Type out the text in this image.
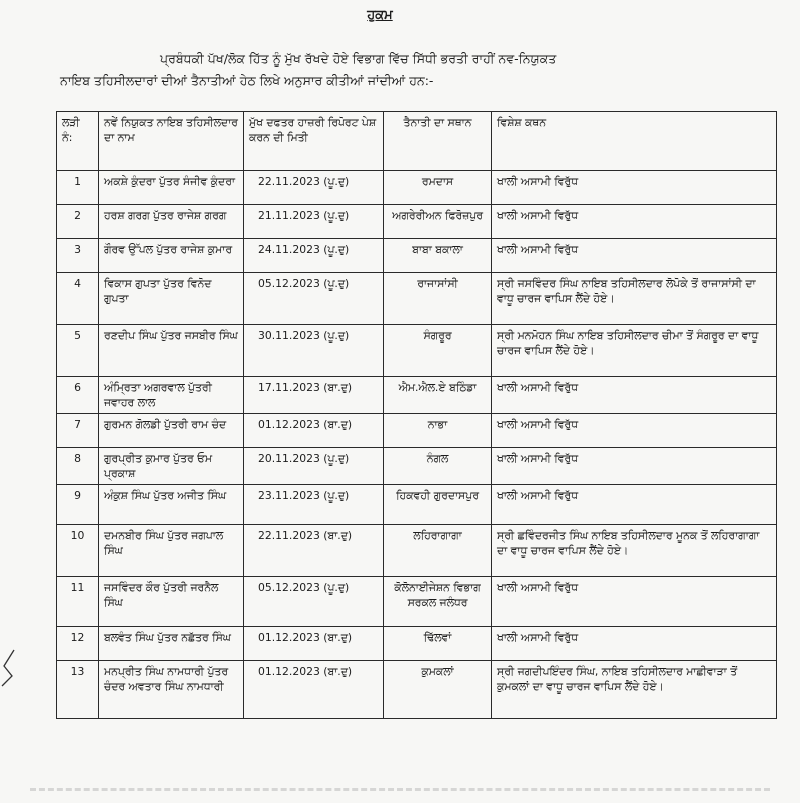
ਹੁਕਮ
ਪ੍ਰਬੰਧਕੀ ਪੱਖ/ਲੋਕ ਹਿੱਤ ਨੂੰ ਮੁੱਖ ਰੱਖਦੇ ਹੋਏ ਵਿਭਾਗ ਵਿੱਚ ਸਿੱਧੀ ਭਰਤੀ ਰਾਹੀਂ ਨਵ-ਨਿਯੁਕਤ
ਨਾਇਬ ਤਹਿਸੀਲਦਾਰਾਂ ਦੀਆਂ ਤੈਨਾਤੀਆਂ ਹੇਠ ਲਿਖੇ ਅਨੁਸਾਰ ਕੀਤੀਆਂ ਜਾਂਦੀਆਂ ਹਨ:-
ਲੜੀ ਨੰ:	ਨਵੇਂ ਨਿਯੁਕਤ ਨਾਇਬ ਤਹਿਸੀਲਦਾਰ ਦਾ ਨਾਮ	ਮੁੱਖ ਦਫਤਰ ਹਾਜ਼ਰੀ ਰਿਪੋਰਟ ਪੇਸ਼ ਕਰਨ ਦੀ ਮਿਤੀ	ਤੈਨਾਤੀ ਦਾ ਸਥਾਨ	ਵਿਸ਼ੇਸ਼ ਕਥਨ
1	ਅਕਸ਼ੇ ਕੁੰਦਰਾ ਪੁੱਤਰ ਸੰਜੀਵ ਕੁੰਦਰਾ	22.11.2023 (ਪੂ.ਦੁ)	ਰਮਦਾਸ	ਖਾਲੀ ਅਸਾਮੀ ਵਿਰੁੱਧ
2	ਹਰਸ਼ ਗਰਗ ਪੁੱਤਰ ਰਾਜੇਸ਼ ਗਰਗ	21.11.2023 (ਪੂ.ਦੁ)	ਅਗਰੇਰੀਅਨ ਫਿਰੋਜ਼ਪੁਰ	ਖਾਲੀ ਅਸਾਮੀ ਵਿਰੁੱਧ
3	ਗੌਰਵ ਉੱਪਲ ਪੁੱਤਰ ਰਾਜੇਸ਼ ਕੁਮਾਰ	24.11.2023 (ਪੂ.ਦੁ)	ਬਾਬਾ ਬਕਾਲਾ	ਖਾਲੀ ਅਸਾਮੀ ਵਿਰੁੱਧ
4	ਵਿਕਾਸ ਗੁਪਤਾ ਪੁੱਤਰ ਵਿਨੋਦ ਗੁਪਤਾ	05.12.2023 (ਪੂ.ਦੁ)	ਰਾਜਾਸਾਂਸੀ	ਸ੍ਰੀ ਜਸਵਿੰਦਰ ਸਿੰਘ ਨਾਇਬ ਤਹਿਸੀਲਦਾਰ ਲੋਪੋਕੇ ਤੋਂ ਰਾਜਾਸਾਂਸੀ ਦਾ ਵਾਧੂ ਚਾਰਜ ਵਾਪਿਸ ਲੈਂਦੇ ਹੋਏ।
5	ਰਣਦੀਪ ਸਿੰਘ ਪੁੱਤਰ ਜਸਬੀਰ ਸਿੰਘ	30.11.2023 (ਪੂ.ਦੁ)	ਸੰਗਰੂਰ	ਸ੍ਰੀ ਮਨਮੋਹਨ ਸਿੰਘ ਨਾਇਬ ਤਹਿਸੀਲਦਾਰ ਚੀਮਾ ਤੋਂ ਸੰਗਰੂਰ ਦਾ ਵਾਧੂ ਚਾਰਜ ਵਾਪਿਸ ਲੈਂਦੇ ਹੋਏ।
6	ਅੰਮ੍ਰਿਤਾ ਅਗਰਵਾਲ ਪੁੱਤਰੀ ਜਵਾਹਰ ਲਾਲ	17.11.2023 (ਬਾ.ਦੁ)	ਐਮ.ਐਲ.ਏ ਬਠਿੰਡਾ	ਖਾਲੀ ਅਸਾਮੀ ਵਿਰੁੱਧ
7	ਗੁਰਮਨ ਗੋਲਡੀ ਪੁੱਤਰੀ ਰਾਮ ਚੰਦ	01.12.2023 (ਬਾ.ਦੁ)	ਨਾਭਾ	ਖਾਲੀ ਅਸਾਮੀ ਵਿਰੁੱਧ
8	ਗੁਰਪ੍ਰੀਤ ਕੁਮਾਰ ਪੁੱਤਰ ਓਮ ਪ੍ਰਕਾਸ਼	20.11.2023 (ਪੂ.ਦੁ)	ਨੰਗਲ	ਖਾਲੀ ਅਸਾਮੀ ਵਿਰੁੱਧ
9	ਅੰਕੁਸ਼ ਸਿੰਘ ਪੁੱਤਰ ਅਜੀਤ ਸਿੰਘ	23.11.2023 (ਪੂ.ਦੁ)	ਹਿਕਵਹੀ ਗੁਰਦਾਸਪੁਰ	ਖਾਲੀ ਅਸਾਮੀ ਵਿਰੁੱਧ
10	ਦਮਨਬੀਰ ਸਿੰਘ ਪੁੱਤਰ ਜਗਪਾਲ ਸਿੰਘ	22.11.2023 (ਬਾ.ਦੁ)	ਲਹਿਰਾਗਾਗਾ	ਸ੍ਰੀ ਛਵਿੰਦਰਜੀਤ ਸਿੰਘ ਨਾਇਬ ਤਹਿਸੀਲਦਾਰ ਮੂਨਕ ਤੋਂ ਲਹਿਰਾਗਾਗਾ ਦਾ ਵਾਧੂ ਚਾਰਜ ਵਾਪਿਸ ਲੈਂਦੇ ਹੋਏ।
11	ਜਸਵਿੰਦਰ ਕੌਰ ਪੁੱਤਰੀ ਜਰਨੈਲ ਸਿੰਘ	05.12.2023 (ਪੂ.ਦੁ)	ਕੋਲੋਨਾਈਜੇਸ਼ਨ ਵਿਭਾਗ ਸਰਕਲ ਜਲੰਧਰ	ਖਾਲੀ ਅਸਾਮੀ ਵਿਰੁੱਧ
12	ਬਲਵੰਤ ਸਿੰਘ ਪੁੱਤਰ ਨਛੱਤਰ ਸਿੰਘ	01.12.2023 (ਬਾ.ਦੁ)	ਢਿੱਲਵਾਂ	ਖਾਲੀ ਅਸਾਮੀ ਵਿਰੁੱਧ
13	ਮਨਪ੍ਰੀਤ ਸਿੰਘ ਨਾਮਧਾਰੀ ਪੁੱਤਰ ਚੰਦਰ ਅਵਤਾਰ ਸਿੰਘ ਨਾਮਧਾਰੀ	01.12.2023 (ਬਾ.ਦੁ)	ਕੁਮਕਲਾਂ	ਸ੍ਰੀ ਜਗਦੀਪਇੰਦਰ ਸਿੰਘ, ਨਾਇਬ ਤਹਿਸੀਲਦਾਰ ਮਾਛੀਵਾੜਾ ਤੋਂ ਕੁਮਕਲਾਂ ਦਾ ਵਾਧੂ ਚਾਰਜ ਵਾਪਿਸ ਲੈਂਦੇ ਹੋਏ।
